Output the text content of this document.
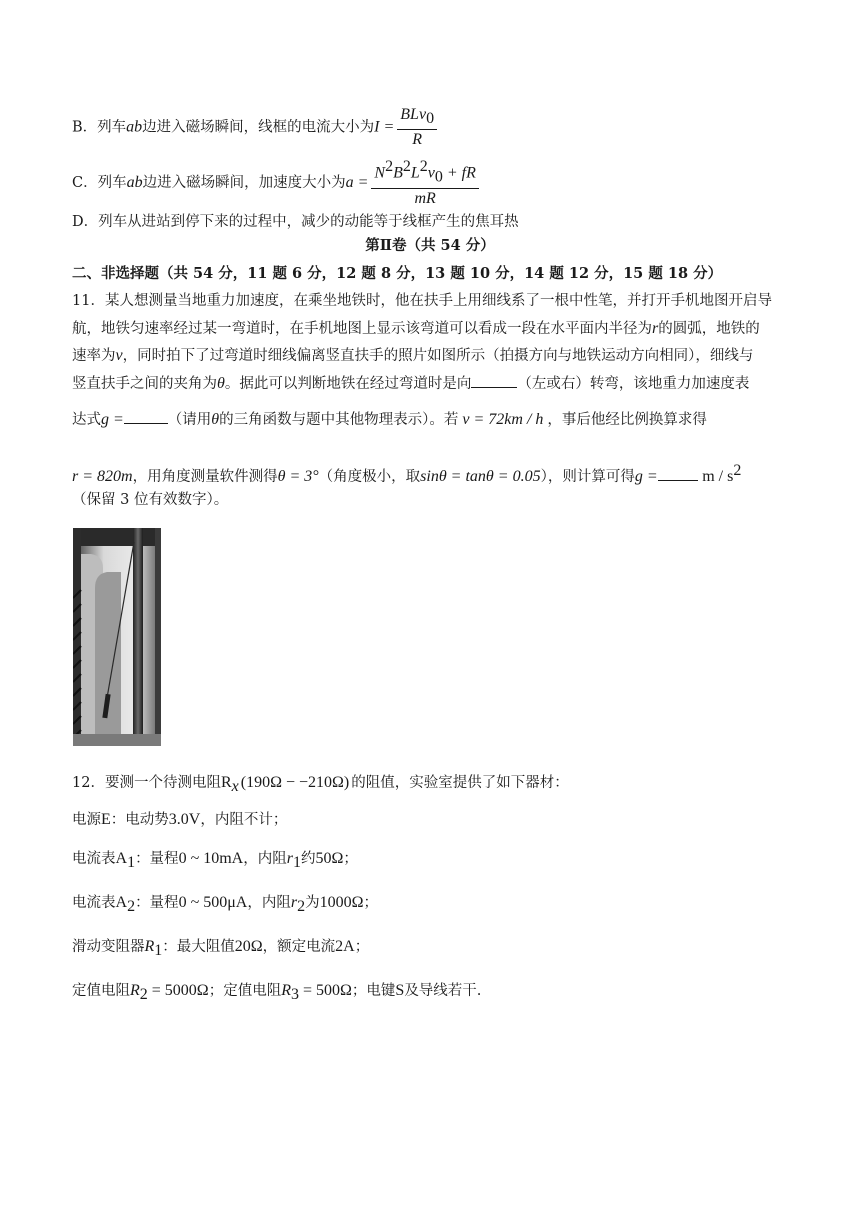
B．列车ab边进入磁场瞬间，线框的电流大小为$I = \frac{BLv_0}{R}$
C．列车ab边进入磁场瞬间，加速度大小为$a = \frac{N^2B^2L^2v_0 + fR}{mR}$
D．列车从进站到停下来的过程中，减少的动能等于线框产生的焦耳热
第Ⅱ卷（共 54 分）
二、非选择题（共 54 分，11 题 6 分，12 题 8 分，13 题 10 分，14 题 12 分，15 题 18 分）
11．某人想测量当地重力加速度，在乘坐地铁时，他在扶手上用细线系了一根中性笔，并打开手机地图开启导
航，地铁匀速率经过某一弯道时，在手机地图上显示该弯道可以看成一段在水平面内半径为r的圆弧，地铁的
速率为v，同时拍下了过弯道时细线偏离竖直扶手的照片如图所示（拍摄方向与地铁运动方向相同），细线与
竖直扶手之间的夹角为θ。据此可以判断地铁在经过弯道时是向	（左或右）转弯，该地重力加速度表
达式g =	（请用θ的三角函数与题中其他物理表示）。若 v = 72km / h ，事后他经比例换算求得
r = 820m，用角度测量软件测得θ = 3°（角度极小，取sinθ = tanθ = 0.05），则计算可得g =	m / $s^2$
（保留 3 位有效数字）。
12．要测一个待测电阻$R_x$ (190Ω − −210Ω) 的阻值，实验室提供了如下器材：
电源E：电动势3.0V，内阻不计；
电流表$A_1$：量程0 ~ 10mA，内阻$r_1$约50Ω；
电流表$A_2$：量程0 ~ 500μA，内阻$r_2$为1000Ω；
滑动变阻器$R_1$：最大阻值20Ω，额定电流2A；
定值电阻$R_2 = 5000\Omega$；定值电阻$R_3 = 500\Omega$；电键S及导线若干.
